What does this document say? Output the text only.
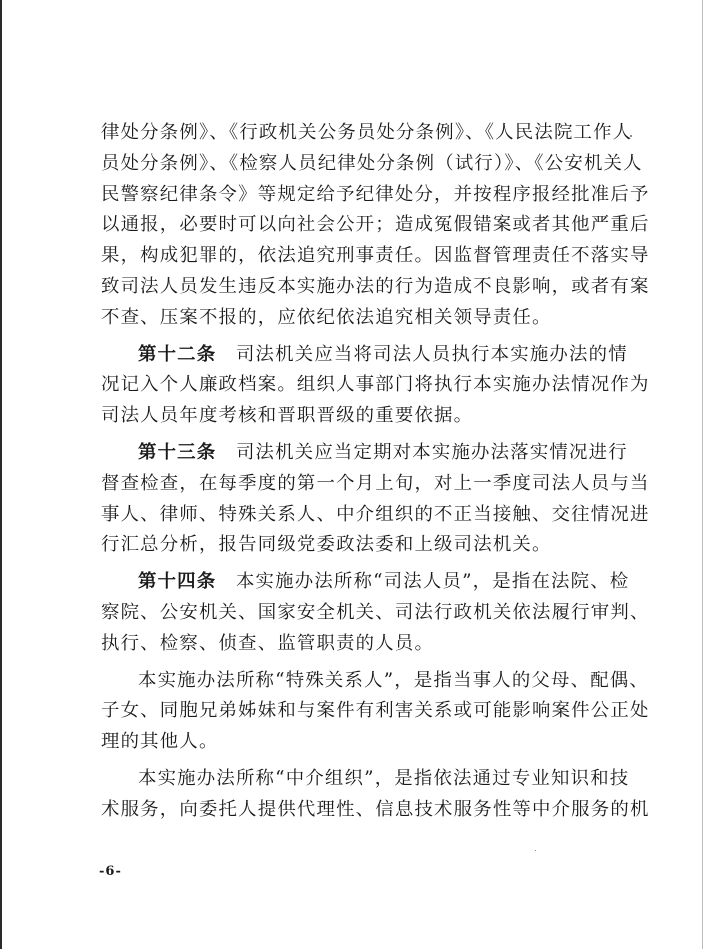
律处分条例》、《行政机关公务员处分条例》、《人民法院工作人
员处分条例》、《检察人员纪律处分条例（试行）》、《公安机关人
民警察纪律条令》等规定给予纪律处分，并按程序报经批准后予
以通报，必要时可以向社会公开；造成冤假错案或者其他严重后
果，构成犯罪的，依法追究刑事责任。因监督管理责任不落实导
致司法人员发生违反本实施办法的行为造成不良影响，或者有案
不查、压案不报的，应依纪依法追究相关领导责任。
第十二条　司法机关应当将司法人员执行本实施办法的情
况记入个人廉政档案。组织人事部门将执行本实施办法情况作为
司法人员年度考核和晋职晋级的重要依据。
第十三条　司法机关应当定期对本实施办法落实情况进行
督查检查，在每季度的第一个月上旬，对上一季度司法人员与当
事人、律师、特殊关系人、中介组织的不正当接触、交往情况进
行汇总分析，报告同级党委政法委和上级司法机关。
第十四条　本实施办法所称“司法人员”，是指在法院、检
察院、公安机关、国家安全机关、司法行政机关依法履行审判、
执行、检察、侦查、监管职责的人员。
本实施办法所称“特殊关系人”，是指当事人的父母、配偶、
子女、同胞兄弟姊妹和与案件有利害关系或可能影响案件公正处
理的其他人。
本实施办法所称“中介组织”，是指依法通过专业知识和技
术服务，向委托人提供代理性、信息技术服务性等中介服务的机
-6-
